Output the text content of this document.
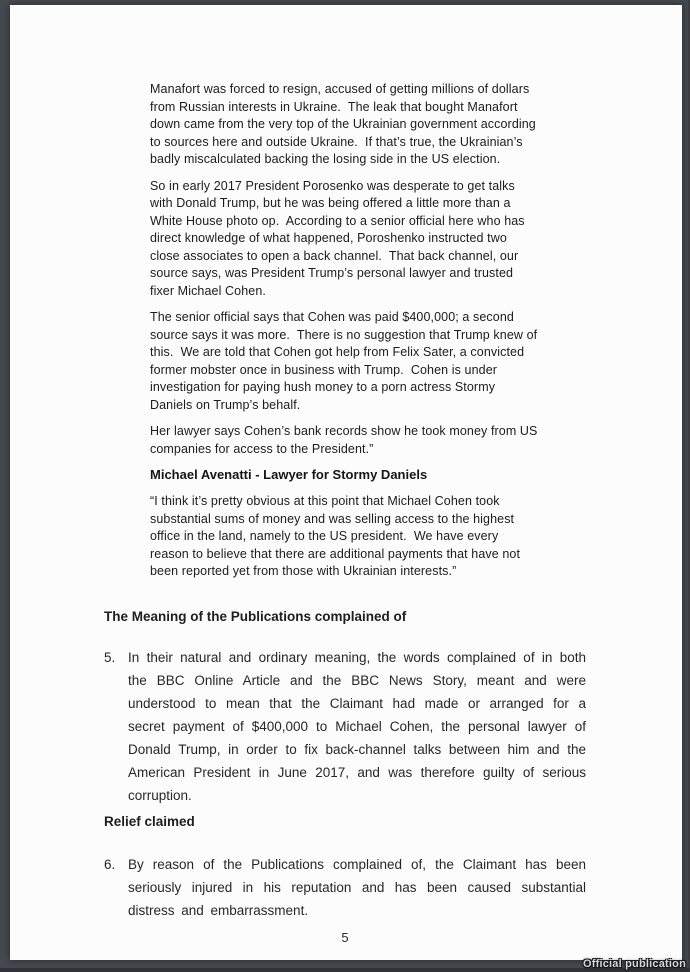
Manafort was forced to resign, accused of getting millions of dollars from Russian interests in Ukraine.  The leak that bought Manafort down came from the very top of the Ukrainian government according to sources here and outside Ukraine.  If that’s true, the Ukrainian’s badly miscalculated backing the losing side in the US election.

So in early 2017 President Porosenko was desperate to get talks with Donald Trump, but he was being offered a little more than a White House photo op.  According to a senior official here who has direct knowledge of what happened, Poroshenko instructed two close associates to open a back channel.  That back channel, our source says, was President Trump’s personal lawyer and trusted fixer Michael Cohen.

The senior official says that Cohen was paid $400,000; a second source says it was more.  There is no suggestion that Trump knew of this.  We are told that Cohen got help from Felix Sater, a convicted former mobster once in business with Trump.  Cohen is under investigation for paying hush money to a porn actress Stormy Daniels on Trump’s behalf.

Her lawyer says Cohen’s bank records show he took money from US companies for access to the President.”

Michael Avenatti - Lawyer for Stormy Daniels

“I think it’s pretty obvious at this point that Michael Cohen took substantial sums of money and was selling access to the highest office in the land, namely to the US president.  We have every reason to believe that there are additional payments that have not been reported yet from those with Ukrainian interests.”

The Meaning of the Publications complained of
5. In their natural and ordinary meaning, the words complained of in both the BBC Online Article and the BBC News Story, meant and were understood to mean that the Claimant had made or arranged for a secret payment of $400,000 to Michael Cohen, the personal lawyer of Donald Trump, in order to fix back-channel talks between him and the American President in June 2017, and was therefore guilty of serious corruption.
Relief claimed
6. By reason of the Publications complained of, the Claimant has been seriously injured in his reputation and has been caused substantial distress and embarrassment.
5
Official publication
